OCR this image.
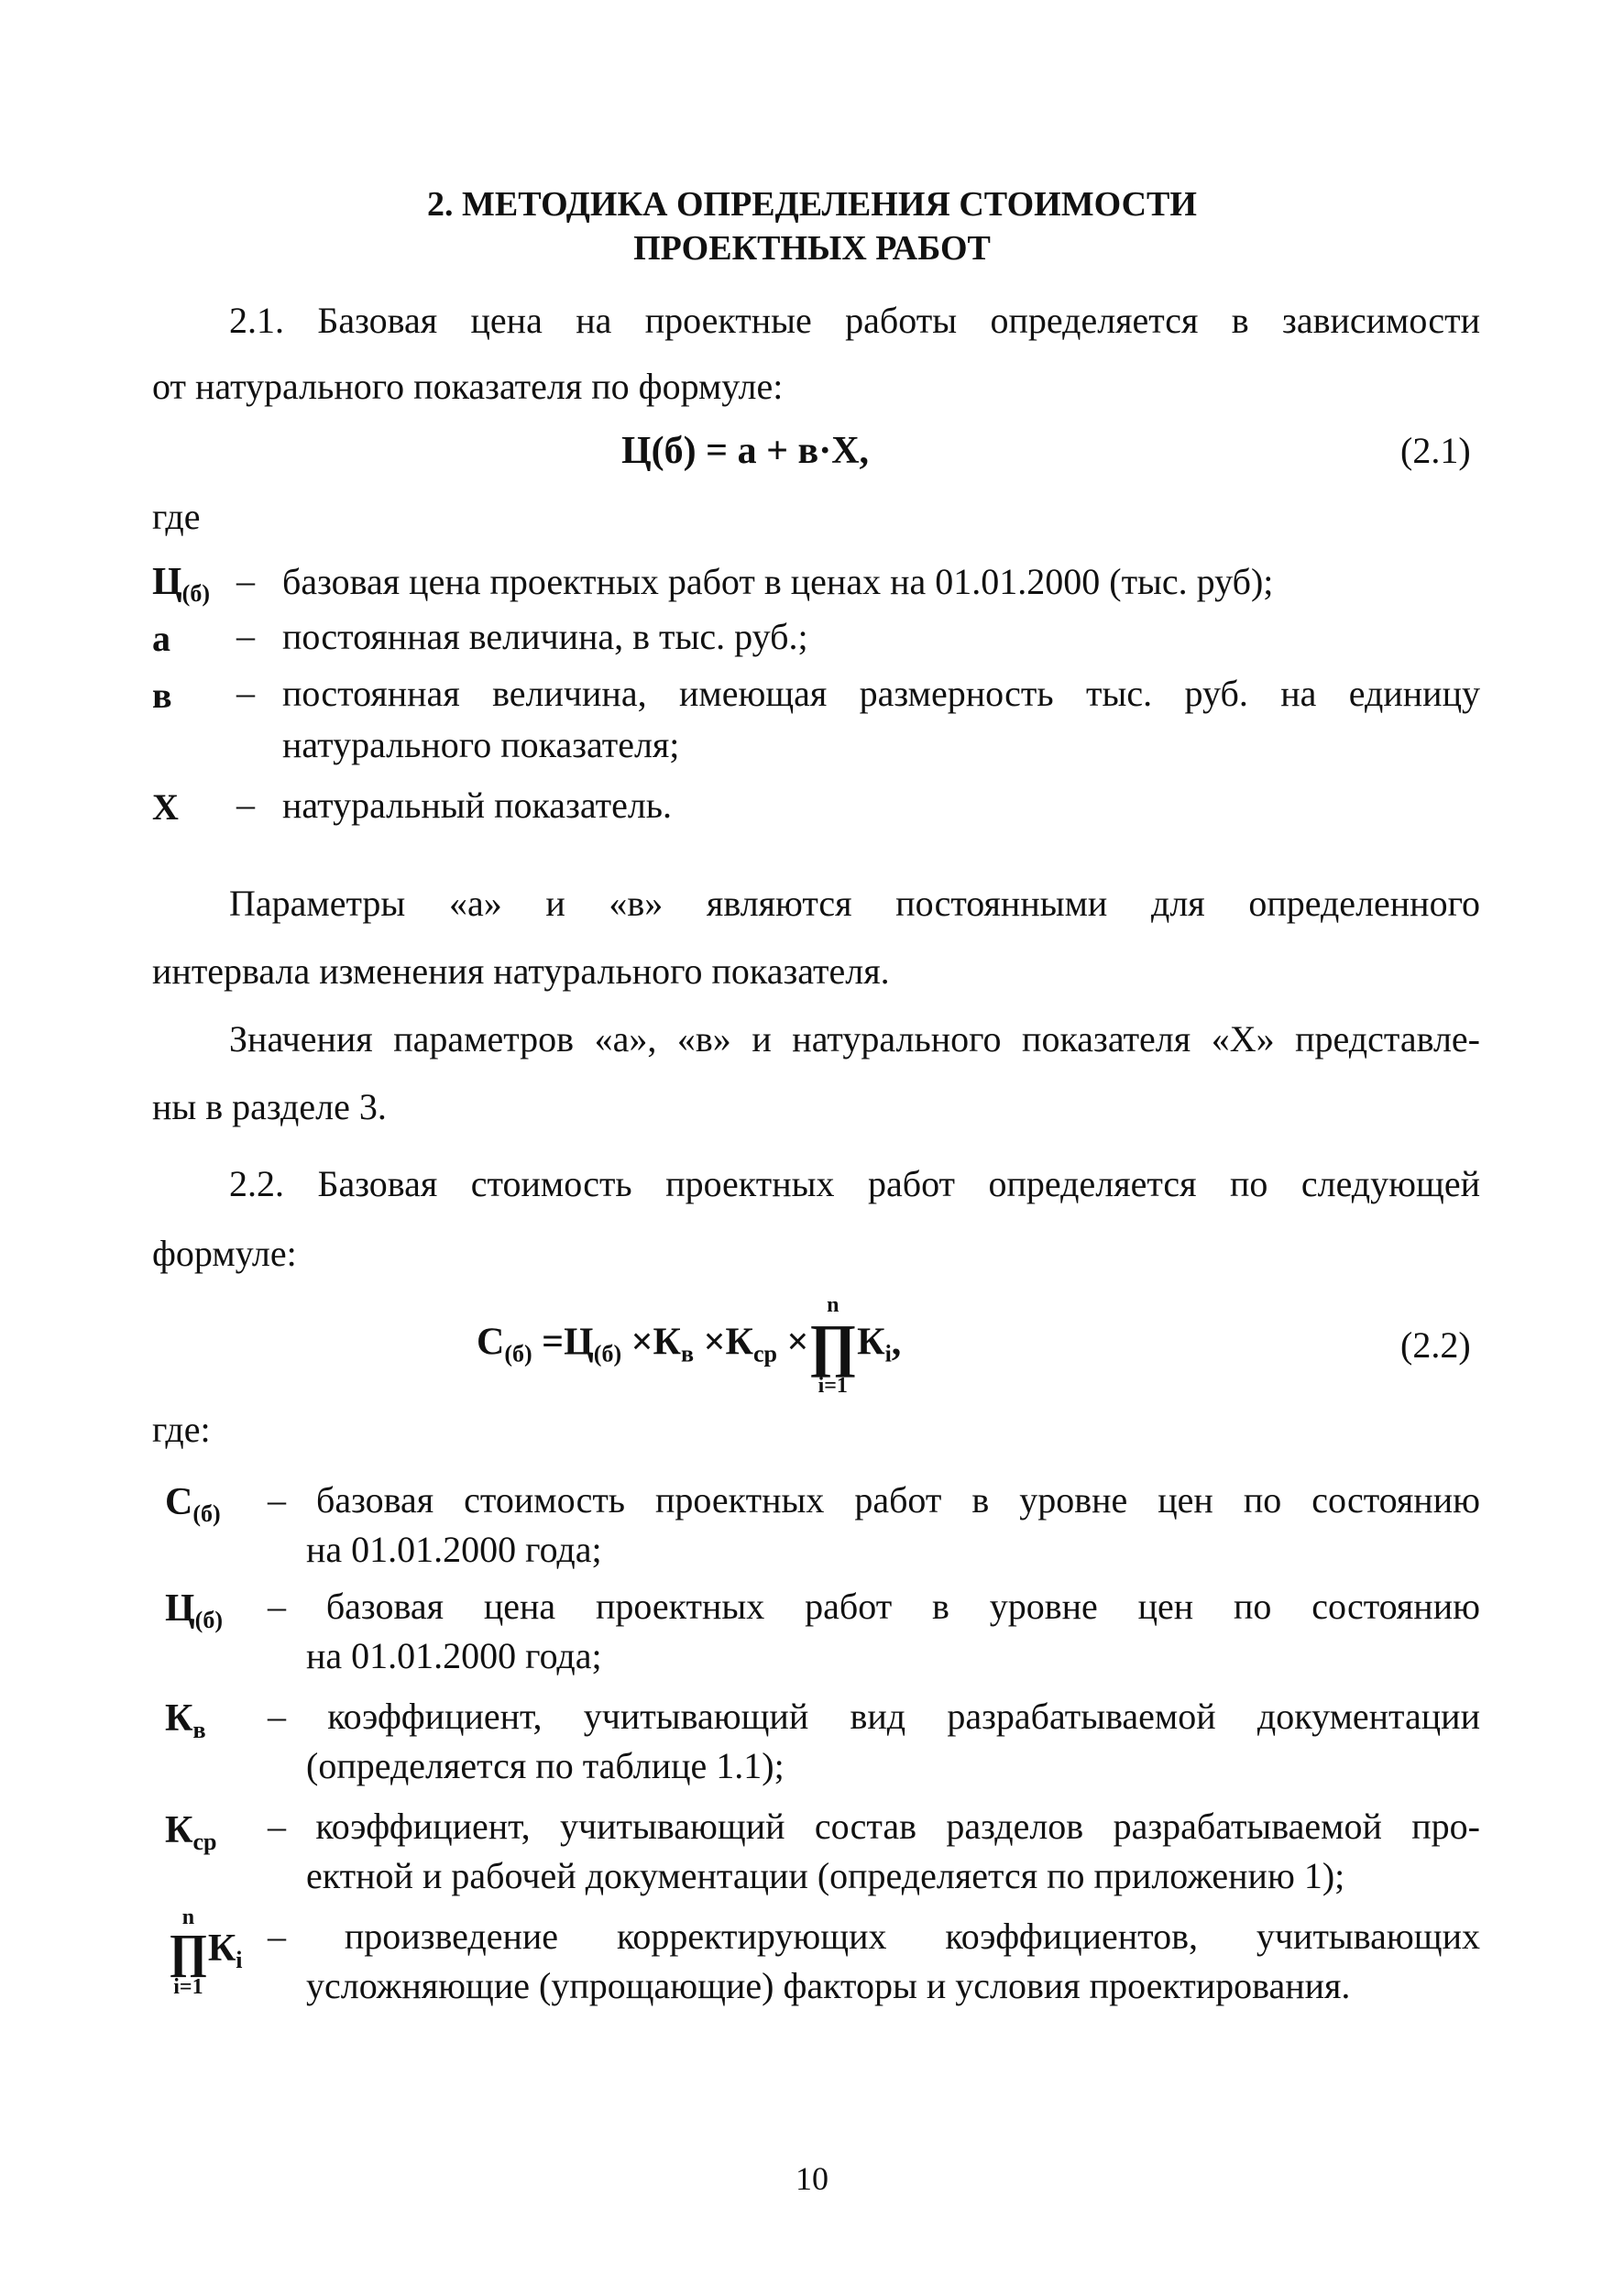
2. МЕТОДИКА ОПРЕДЕЛЕНИЯ СТОИМОСТИ
ПРОЕКТНЫХ РАБОТ
2.1. Базовая цена на проектные работы определяется в зависимости
от натурального показателя по формуле:
Ц(б) = а + в·Х,	(2.1)
где
$Ц_{(б)}$ – базовая цена проектных работ в ценах на 01.01.2000 (тыс. руб);
а – постоянная величина, в тыс. руб.;
в – постоянная величина, имеющая размерность тыс. руб. на единицу
натурального показателя;
Х – натуральный показатель.
Параметры «а» и «в» являются постоянными для определенного
интервала изменения натурального показателя.
Значения параметров «а», «в» и натурального показателя «Х» представле-
ны в разделе 3.
2.2. Базовая стоимость проектных работ определяется по следующей
формуле:
$С_{(б)} =Ц_{(б)} \times К_в \times К_{ср}$ ×
n
∏
i=1
$К_i$,	(2.2)
где:
$С_{(б)}$ – базовая стоимость проектных работ в уровне цен по состоянию
на 01.01.2000 года;
$Ц_{(б)}$ – базовая цена проектных работ в уровне цен по состоянию
на 01.01.2000 года;
$К_в$ – коэффициент, учитывающий вид разрабатываемой документации
(определяется по таблице 1.1);
$К_{ср}$ – коэффициент, учитывающий состав разделов разрабатываемой про-
ектной и рабочей документации (определяется по приложению 1);
n
∏
i=1
$К_i$
– произведение корректирующих коэффициентов, учитывающих
усложняющие (упрощающие) факторы и условия проектирования.
10
